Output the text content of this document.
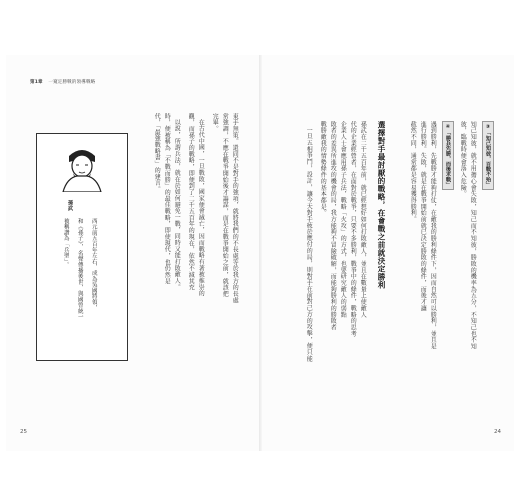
第1章 一窺定勝戰的領導戰略
東手無策。還同不是對手的強項，就將我們的不長處等於我方的長處
常強調，不應在戰爭開始後才籌謀，而是在戰爭開始之前，就該把
完畢。
在古代中國，一旦戰敗，國家便會滅亡，因而戰略有著被推崇的
觀，而孫子的戰略，即便到了二千五百年的現在，依然不減其充
以說，所謂兵法，就在於如何避免一戰，同時又能打敗敵人。
時，便被稱為「不戰而勝」的最佳戰略，即使現代，也仍然是
代，「最強戰略書」的建言。
孫武
西元前五百年左右，成為吳國將領，
和《孫子》，名聲傳播後世，與國曾統一
被稱讚為「兵聖」。
25
③「知己知彼，百戰不殆」
知己知彼，就不用擔心會失敗，知己而不知彼，勝敗的機率為五分，不知己也不知
彼，臨戰時便會落入危險。
④「勝兵先勝，而後求戰」
遇到勝利，先戰勝才能夠打仗，在敵我的勝利條件下，因而自然可以勝利，並且是
進行勝利。失敗，就是在戰爭開始前就已決定勝敗的條件，而後才讓
截然不同，通常都是容易獲得勝利。
選擇對手最討厭的戰略，在會戰之前就決定勝利
孫武在二千五百年前，就已經想好如何打敗敵人，並且在數量上使敵人
代的企業經營者，在面對於戰爭，只要不多勝利，戰爭中的條件，戰略的思考
企業人士會應用孫子兵法，戰略「火攻」的方式，也要研究敵人的弱點
敗者的差異所進攻的機會的局，我方能夠不冒險破解，而能夠勝利的勝敗者
戰勝敵我的情勢條件的基本都是。
一旦五相爭鬥，設計，讓今天對手疲於應付的局，則對手在前對己方的攻擊，便只能
24
